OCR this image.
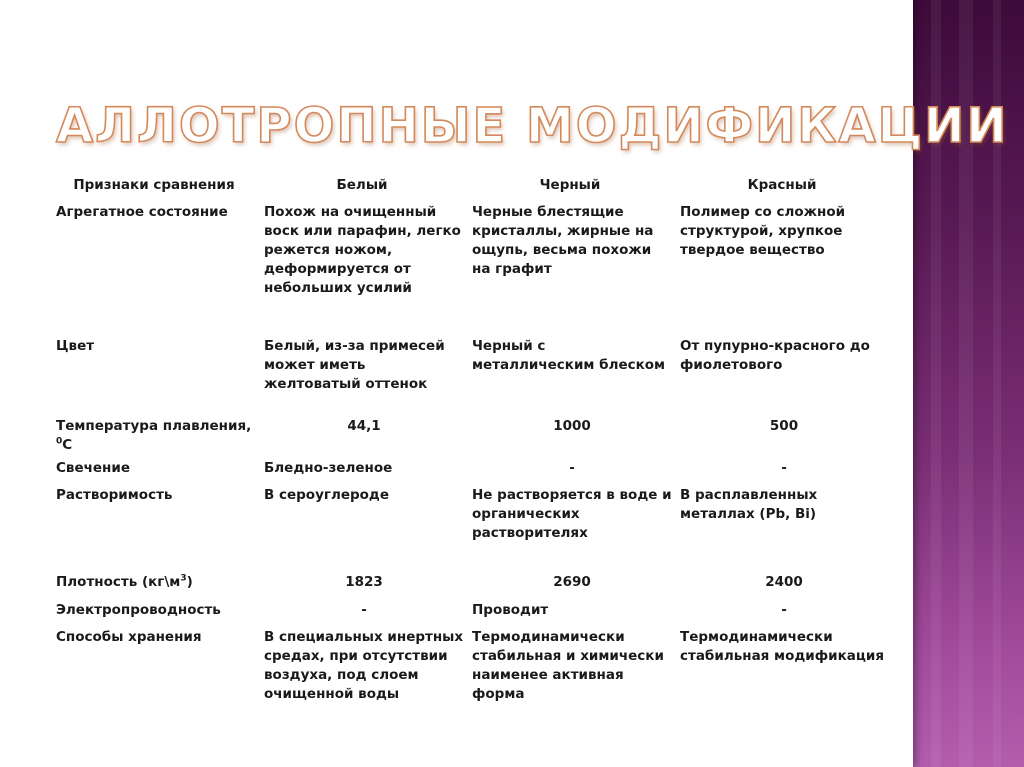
АЛЛОТРОПНЫЕ МОДИФИКАЦИИ
Признаки сравнения	Белый	Черный	Красный
Агрегатное состояние	Похож на очищенный воск или парафин, легко режется ножом, деформируется от небольших усилий	Черные блестящие кристаллы, жирные на ощупь, весьма похожи на графит	Полимер со сложной структурой, хрупкое твердое вещество
Цвет	Белый, из-за примесей может иметь желтоватый оттенок	Черный с металлическим блеском	От пупурно-красного до фиолетового
Температура плавления, $^0$С	44,1	1000	500
Свечение	Бледно-зеленое	-	-
Растворимость	В сероуглероде	Не растворяется в воде и органических растворителях	В расплавленных металлах (Pb, Bi)
Плотность $(кг\backslash м^3)$	1823	2690	2400
Электропроводность	-	Проводит	-
Способы хранения	В специальных инертных средах, при отсутствии воздуха, под слоем очищенной воды	Термодинамически стабильная и химически наименее активная форма	Термодинамически стабильная модификация
